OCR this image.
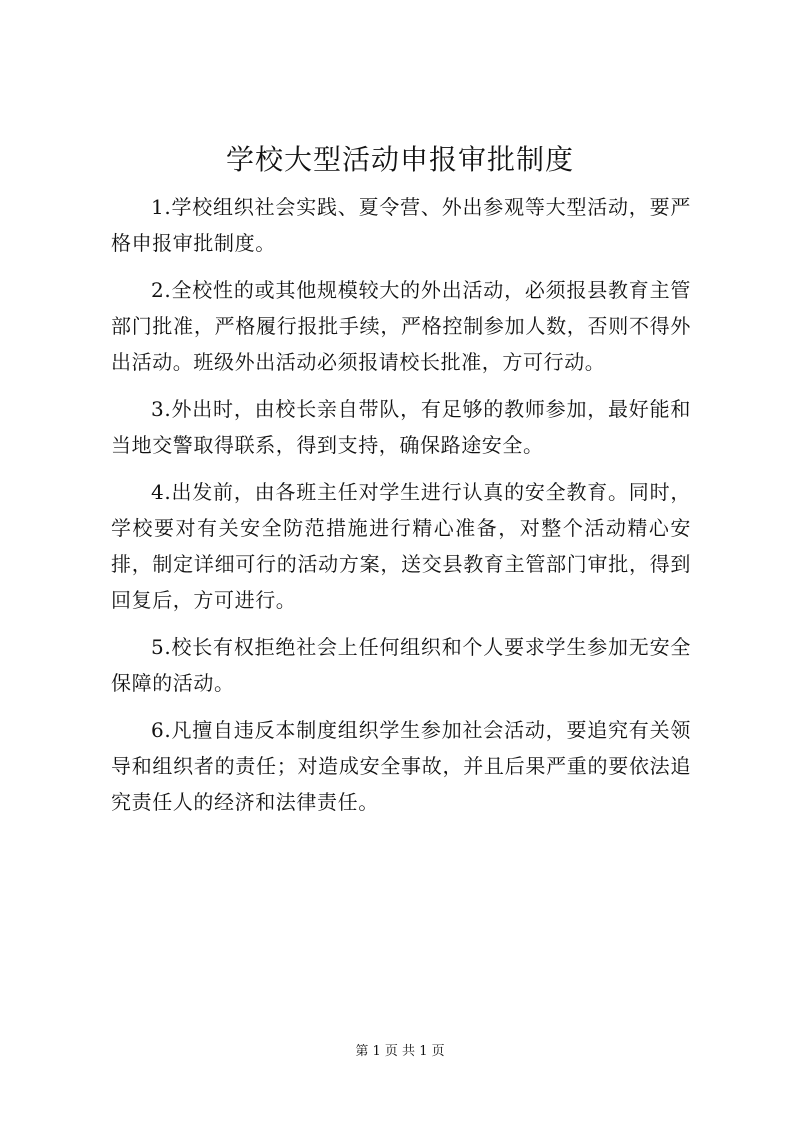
学校大型活动申报审批制度

1.学校组织社会实践、夏令营、外出参观等大型活动，要严格申报审批制度。

2.全校性的或其他规模较大的外出活动，必须报县教育主管部门批准，严格履行报批手续，严格控制参加人数，否则不得外出活动。班级外出活动必须报请校长批准，方可行动。

3.外出时，由校长亲自带队，有足够的教师参加，最好能和当地交警取得联系，得到支持，确保路途安全。

4.出发前，由各班主任对学生进行认真的安全教育。同时，学校要对有关安全防范措施进行精心准备，对整个活动精心安排，制定详细可行的活动方案，送交县教育主管部门审批，得到回复后，方可进行。

5.校长有权拒绝社会上任何组织和个人要求学生参加无安全保障的活动。

6.凡擅自违反本制度组织学生参加社会活动，要追究有关领导和组织者的责任；对造成安全事故，并且后果严重的要依法追究责任人的经济和法律责任。

第 1 页 共 1 页
